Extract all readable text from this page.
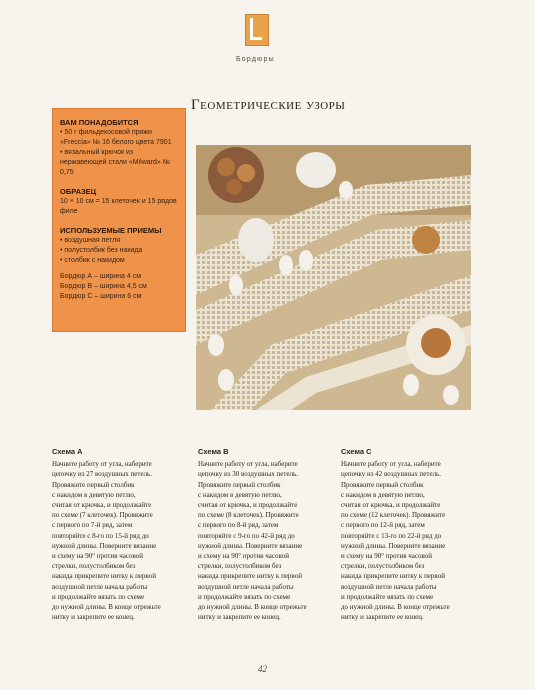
Бордюры
Геометрические узоры
ВАМ ПОНАДОБИТСЯ

• 50 г фильдекосовой пряжи «Freccia» № 16 белого цвета 7901

• вязальный крючок из нержавеющей стали «Milward» № 0,75

ОБРАЗЕЦ

10 × 10 см = 15 клеточек и 15 рядов филе

ИСПОЛЬЗУЕМЫЕ ПРИЕМЫ

• воздушная петля

• полустолбик без накида

• столбик с накидом

Бордюр А – ширина 4 см

Бордюр В – ширина 4,5 см

Бордюр С – ширина 6 см

Схема А

Начните работу от угла, наберите
цепочку из 27 воздушных петель.
Провяжите первый столбик
с накидом в девятую петлю,
считая от крючка, и продолжайте
по схеме (7 клеточек). Провяжите
с первого по 7-й ряд, затем
повторяйте с 8-го по 15-й ряд до
нужной длины. Поверните вязание
и схему на 90° против часовой
стрелки, полустолбиком без
накида прикрепите нитку к первой
воздушной петле начала работы
и продолжайте вязать по схеме
до нужной длины. В конце отрежьте
нитку и закрепите ее конец.

Схема В

Начните работу от угла, наберите
цепочку из 30 воздушных петель.
Провяжите первый столбик
с накидом в девятую петлю,
считая от крючка, и продолжайте
по схеме (8 клеточек). Провяжите
с первого по 8-й ряд, затем
повторяйте с 9-го по 42-й ряд до
нужной длины. Поверните вязание
и схему на 90° против часовой
стрелки, полустолбиком без
накида прикрепите нитку к первой
воздушной петле начала работы
и продолжайте вязать по схеме
до нужной длины. В конце отрежьте
нитку и закрепите ее конец.

Схема С

Начните работу от угла, наберите
цепочку из 42 воздушных петель.
Провяжите первый столбик
с накидом в девятую петлю,
считая от крючка, и продолжайте
по схеме (12 клеточек). Провяжите
с первого по 12-й ряд, затем
повторяйте с 13-го по 22-й ряд до
нужной длины. Поверните вязание
и схему на 90° против часовой
стрелки, полустолбиком без
накида прикрепите нитку к первой
воздушной петле начала работы
и продолжайте вязать по схеме
до нужной длины. В конце отрежьте
нитку и закрепите ее конец.

42
